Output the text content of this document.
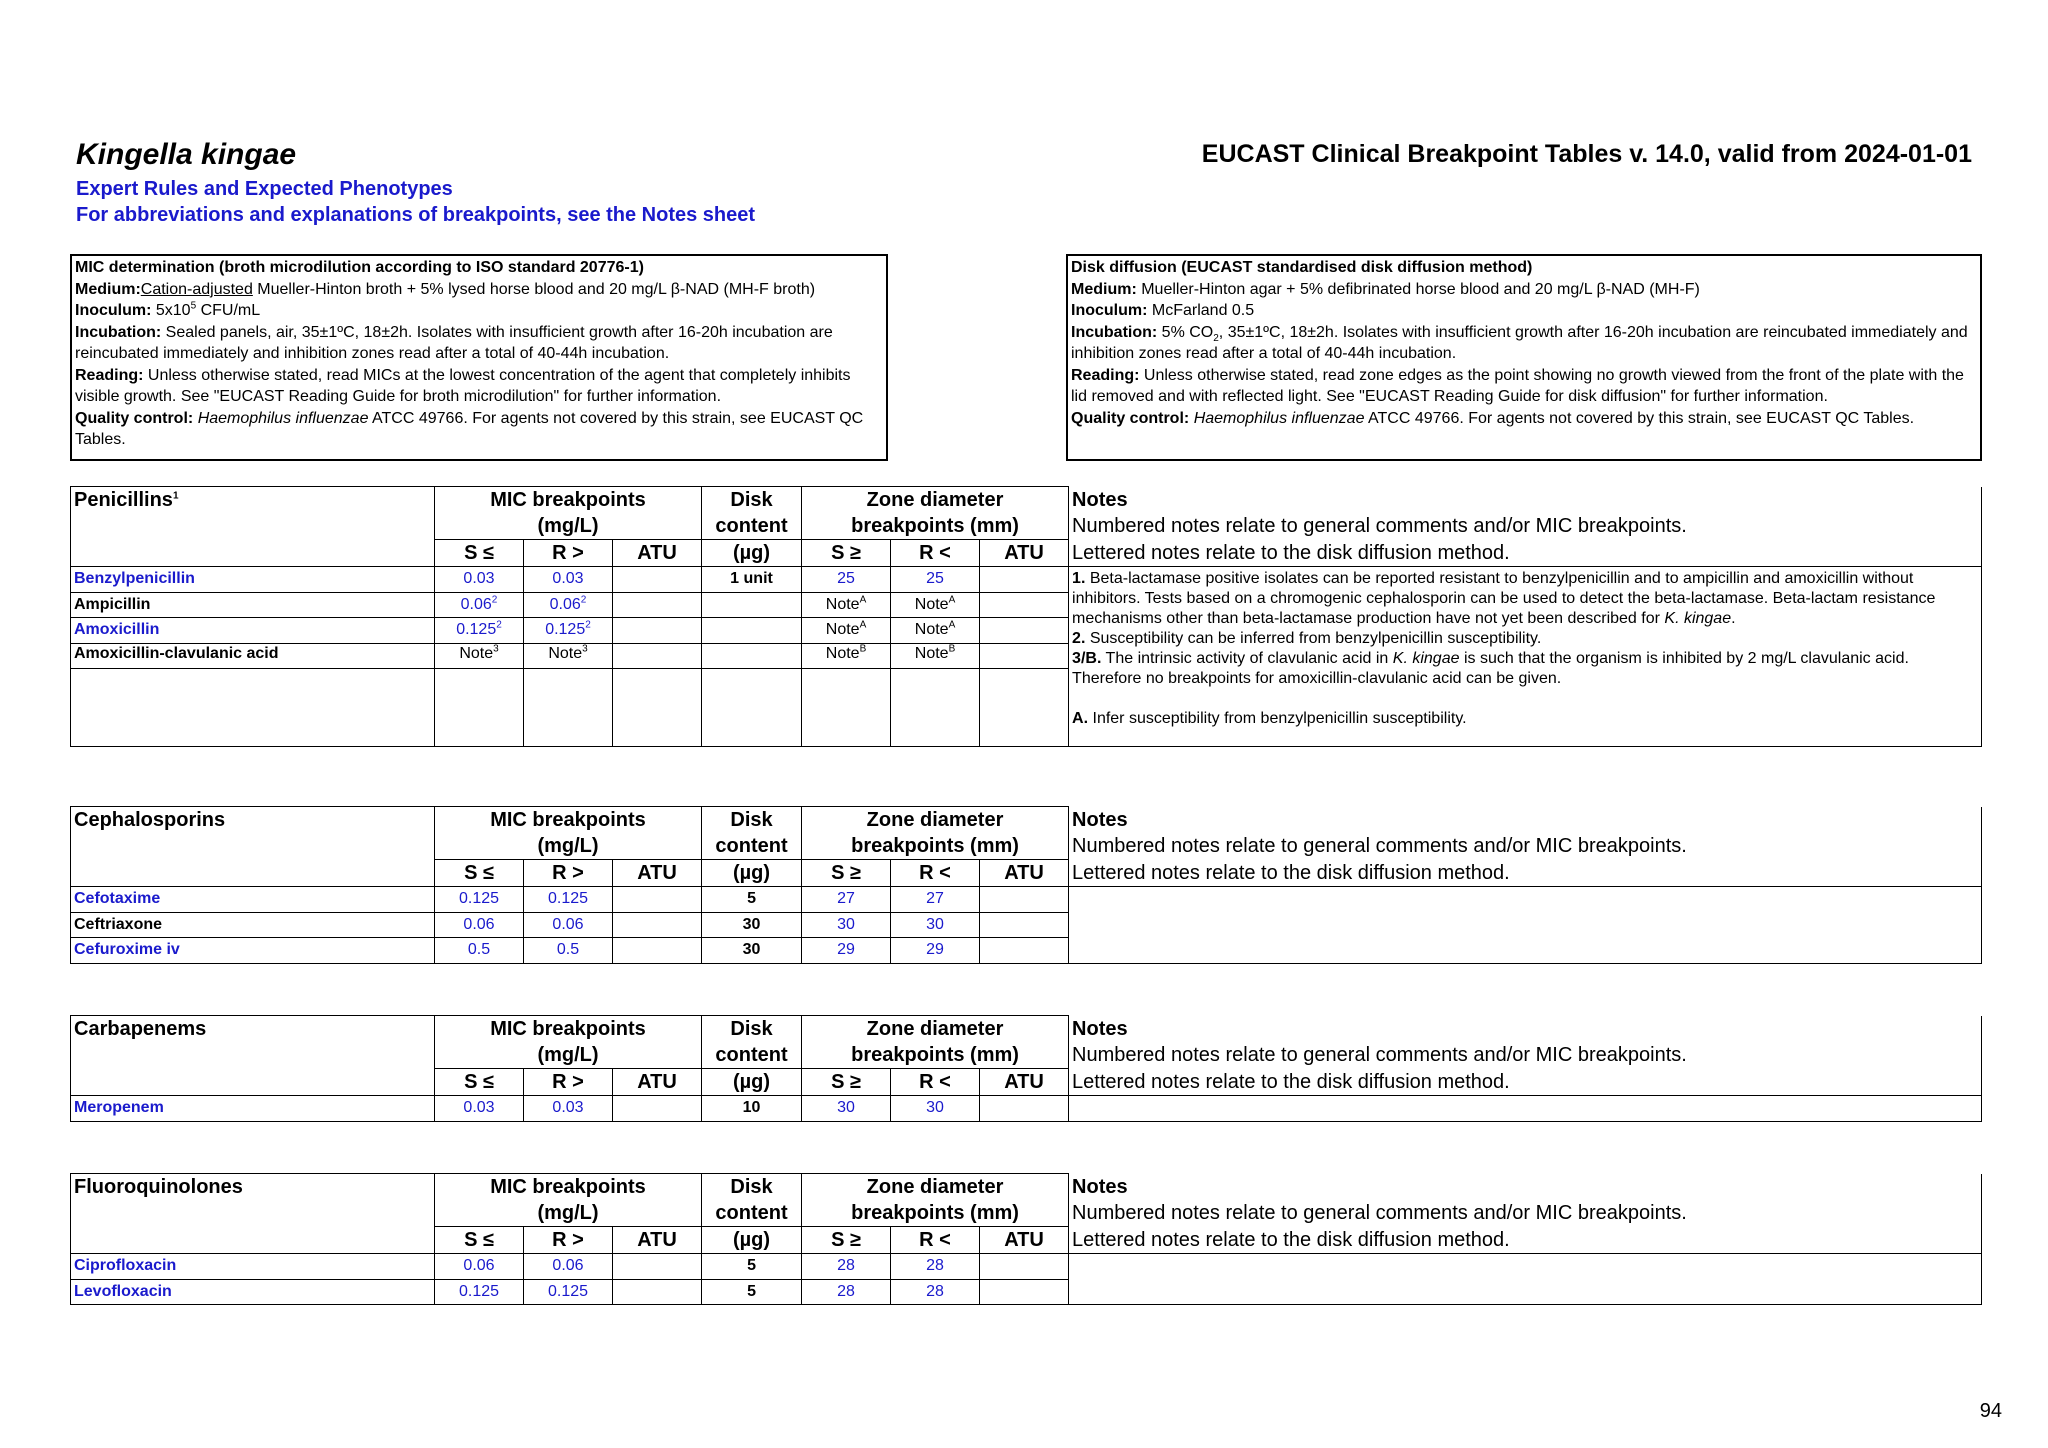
Kingella kingae	EUCAST Clinical Breakpoint Tables v. 14.0, valid from 2024-01-01
Expert Rules and Expected Phenotypes
For abbreviations and explanations of breakpoints, see the Notes sheet

MIC determination (broth microdilution according to ISO standard 20776-1)

Medium:Cation-adjusted Mueller-Hinton broth + 5% lysed horse blood and 20 mg/L β-NAD (MH-F broth)

Inoculum: $5x10^5$ CFU/mL

Incubation: Sealed panels, air, 35±1ºC, 18±2h. Isolates with insufficient growth after 16-20h incubation are reincubated immediately and inhibition zones read after a total of 40-44h incubation.

Reading: Unless otherwise stated, read MICs at the lowest concentration of the agent that completely inhibits visible growth. See "EUCAST Reading Guide for broth microdilution" for further information.

Quality control: Haemophilus influenzae ATCC 49766. For agents not covered by this strain, see EUCAST QC Tables.

Disk diffusion (EUCAST standardised disk diffusion method)

Medium: Mueller-Hinton agar + 5% defibrinated horse blood and 20 mg/L β-NAD (MH-F)

Inoculum: McFarland 0.5

Incubation: 5% $CO_2$, 35±1ºC, 18±2h. Isolates with insufficient growth after 16-20h incubation are reincubated immediately and inhibition zones read after a total of 40-44h incubation.

Reading: Unless otherwise stated, read zone edges as the point showing no growth viewed from the front of the plate with the lid removed and with reflected light. See "EUCAST Reading Guide for disk diffusion" for further information.

Quality control: Haemophilus influenzae ATCC 49766. For agents not covered by this strain, see EUCAST QC Tables.

Penicillins$^1$	MIC breakpoints			Disk	Zone diameter			Notes
	(mg/L)			content	breakpoints (mm)			Numbered notes relate to general comments and/or MIC breakpoints.
	S ≤	R >	ATU	(µg)	S ≥	R <	ATU	Lettered notes relate to the disk diffusion method.
Benzylpenicillin	0.03	0.03		1 unit	25	25		1. Beta-lactamase positive isolates can be reported resistant to benzylpenicillin and to ampicillin and amoxicillin without inhibitors. Tests based on a chromogenic cephalosporin can be used to detect the beta-lactamase. Beta-lactam resistance mechanisms other than beta-lactamase production have not yet been described for K. kingae.

2. Susceptibility can be inferred from benzylpenicillin susceptibility.

3/B. The intrinsic activity of clavulanic acid in K. kingae is such that the organism is inhibited by 2 mg/L clavulanic acid. Therefore no breakpoints for amoxicillin-clavulanic acid can be given.

A. Infer susceptibility from benzylpenicillin susceptibility.

Ampicillin	0.06$^2$	0.06$^2$			Note$^A$	Note$^A$	
Amoxicillin	0.125$^2$	0.125$^2$			Note$^A$	Note$^A$	
Amoxicillin-clavulanic acid	Note$^3$	Note$^3$			Note$^B$	Note$^B$	

Cephalosporins	MIC breakpoints			Disk	Zone diameter			Notes
	(mg/L)			content	breakpoints (mm)			Numbered notes relate to general comments and/or MIC breakpoints.
	S ≤	R >	ATU	(µg)	S ≥	R <	ATU	Lettered notes relate to the disk diffusion method.
Cefotaxime	0.125	0.125		5	27	27		
Ceftriaxone	0.06	0.06		30	30	30		
Cefuroxime iv	0.5	0.5		30	29	29		
Carbapenems	MIC breakpoints			Disk	Zone diameter			Notes
	(mg/L)			content	breakpoints (mm)			Numbered notes relate to general comments and/or MIC breakpoints.
	S ≤	R >	ATU	(µg)	S ≥	R <	ATU	Lettered notes relate to the disk diffusion method.
Meropenem	0.03	0.03		10	30	30		
Fluoroquinolones	MIC breakpoints			Disk	Zone diameter			Notes
	(mg/L)			content	breakpoints (mm)			Numbered notes relate to general comments and/or MIC breakpoints.
	S ≤	R >	ATU	(µg)	S ≥	R <	ATU	Lettered notes relate to the disk diffusion method.
Ciprofloxacin	0.06	0.06		5	28	28		
Levofloxacin	0.125	0.125		5	28	28		
94
